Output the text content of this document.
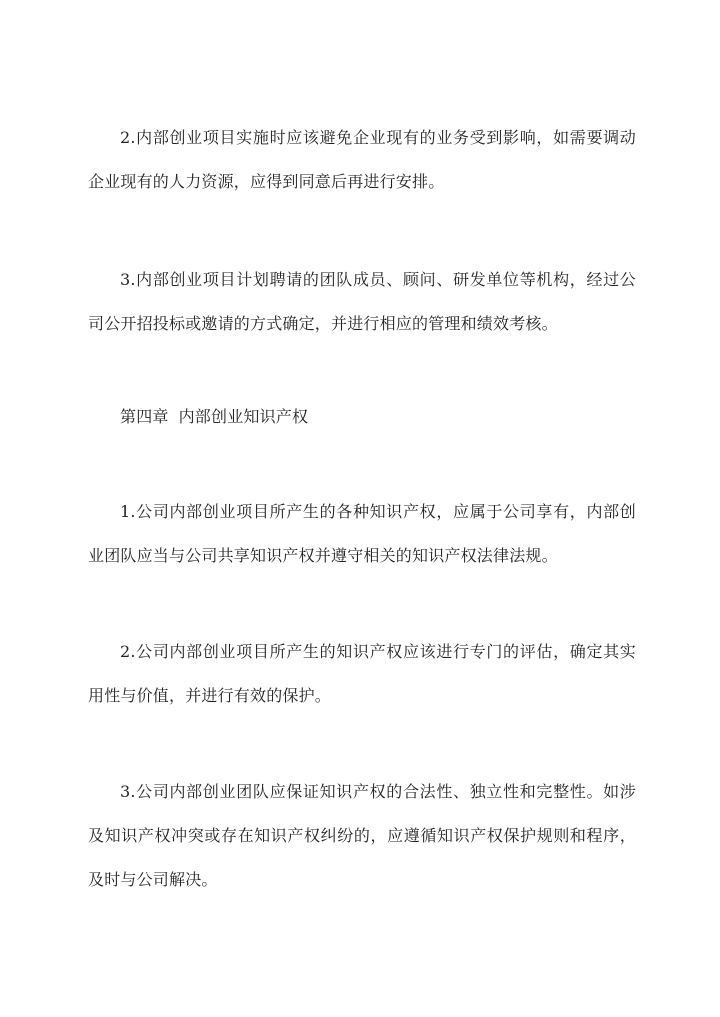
2.内部创业项目实施时应该避免企业现有的业务受到影响，如需要调动企业现有的人力资源，应得到同意后再进行安排。

3.内部创业项目计划聘请的团队成员、顾问、研发单位等机构，经过公司公开招投标或邀请的方式确定，并进行相应的管理和绩效考核。

第四章 内部创业知识产权

1.公司内部创业项目所产生的各种知识产权，应属于公司享有，内部创业团队应当与公司共享知识产权并遵守相关的知识产权法律法规。

2.公司内部创业项目所产生的知识产权应该进行专门的评估，确定其实用性与价值，并进行有效的保护。

3.公司内部创业团队应保证知识产权的合法性、独立性和完整性。如涉及知识产权冲突或存在知识产权纠纷的，应遵循知识产权保护规则和程序，及时与公司解决。
